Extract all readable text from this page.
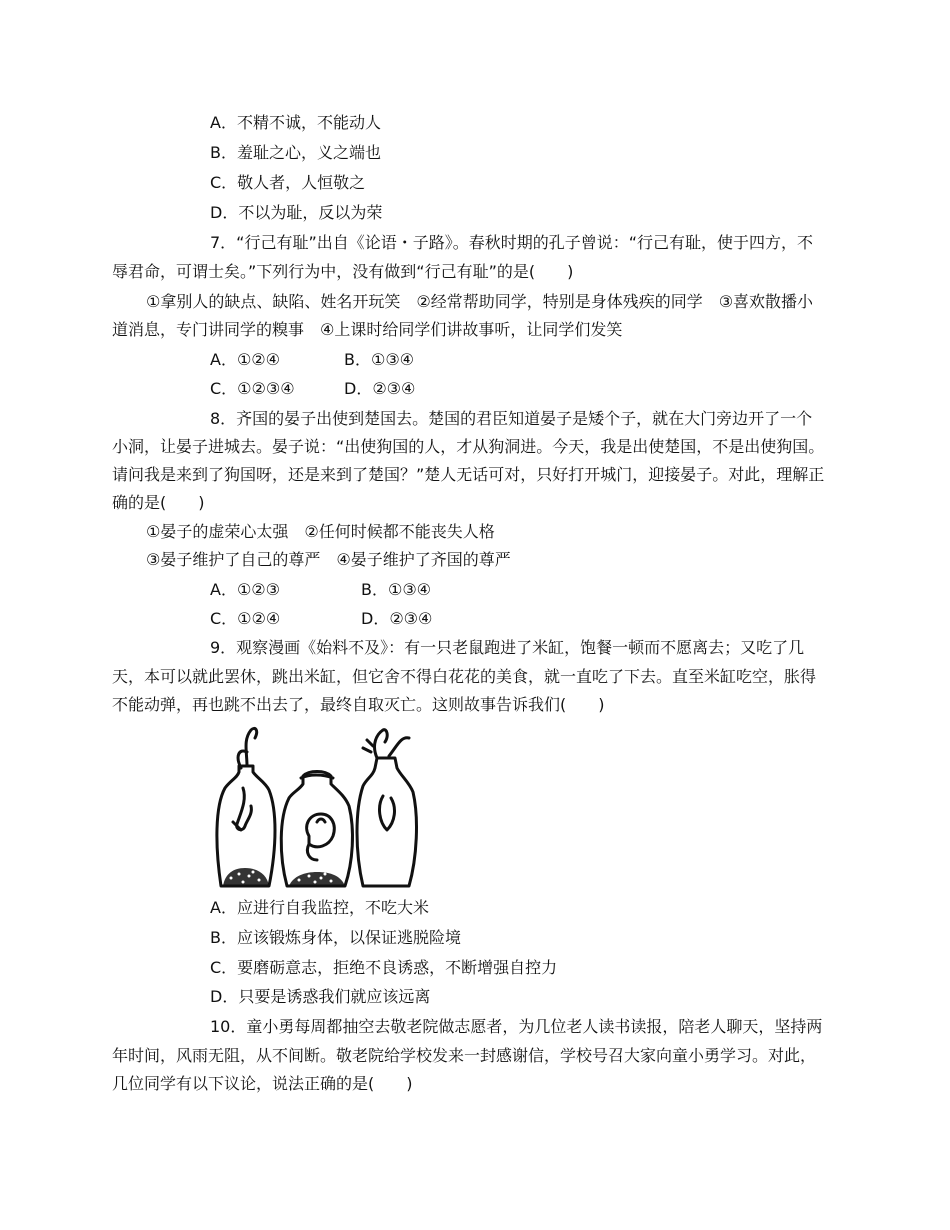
A．不精不诚，不能动人
B．羞耻之心，义之端也
C．敬人者，人恒敬之
D．不以为耻，反以为荣
7．“行己有耻”出自《论语・子路》。春秋时期的孔子曾说：“行己有耻，使于四方，不
辱君命，可谓士矣。”下列行为中，没有做到“行己有耻”的是(　　)
①拿别人的缺点、缺陷、姓名开玩笑　②经常帮助同学，特别是身体残疾的同学　③喜欢散播小
道消息，专门讲同学的糗事　④上课时给同学们讲故事听，让同学们发笑
A．①②④	B．①③④
C．①②③④	D．②③④
8．齐国的晏子出使到楚国去。楚国的君臣知道晏子是矮个子，就在大门旁边开了一个
小洞，让晏子进城去。晏子说：“出使狗国的人，才从狗洞进。今天，我是出使楚国，不是出使狗国。
请问我是来到了狗国呀，还是来到了楚国？”楚人无话可对，只好打开城门，迎接晏子。对此，理解正
确的是(　　)
①晏子的虚荣心太强　②任何时候都不能丧失人格
③晏子维护了自己的尊严　④晏子维护了齐国的尊严
A．①②③	B．①③④
C．①②④	D．②③④
9．观察漫画《始料不及》：有一只老鼠跑进了米缸，饱餐一顿而不愿离去；又吃了几
天，本可以就此罢休，跳出米缸，但它舍不得白花花的美食，就一直吃了下去。直至米缸吃空，胀得
不能动弹，再也跳不出去了，最终自取灭亡。这则故事告诉我们(　　)
A．应进行自我监控，不吃大米
B．应该锻炼身体，以保证逃脱险境
C．要磨砺意志，拒绝不良诱惑，不断增强自控力
D．只要是诱惑我们就应该远离
10．童小勇每周都抽空去敬老院做志愿者，为几位老人读书读报，陪老人聊天，坚持两
年时间，风雨无阻，从不间断。敬老院给学校发来一封感谢信，学校号召大家向童小勇学习。对此，
几位同学有以下议论，说法正确的是(　　)
